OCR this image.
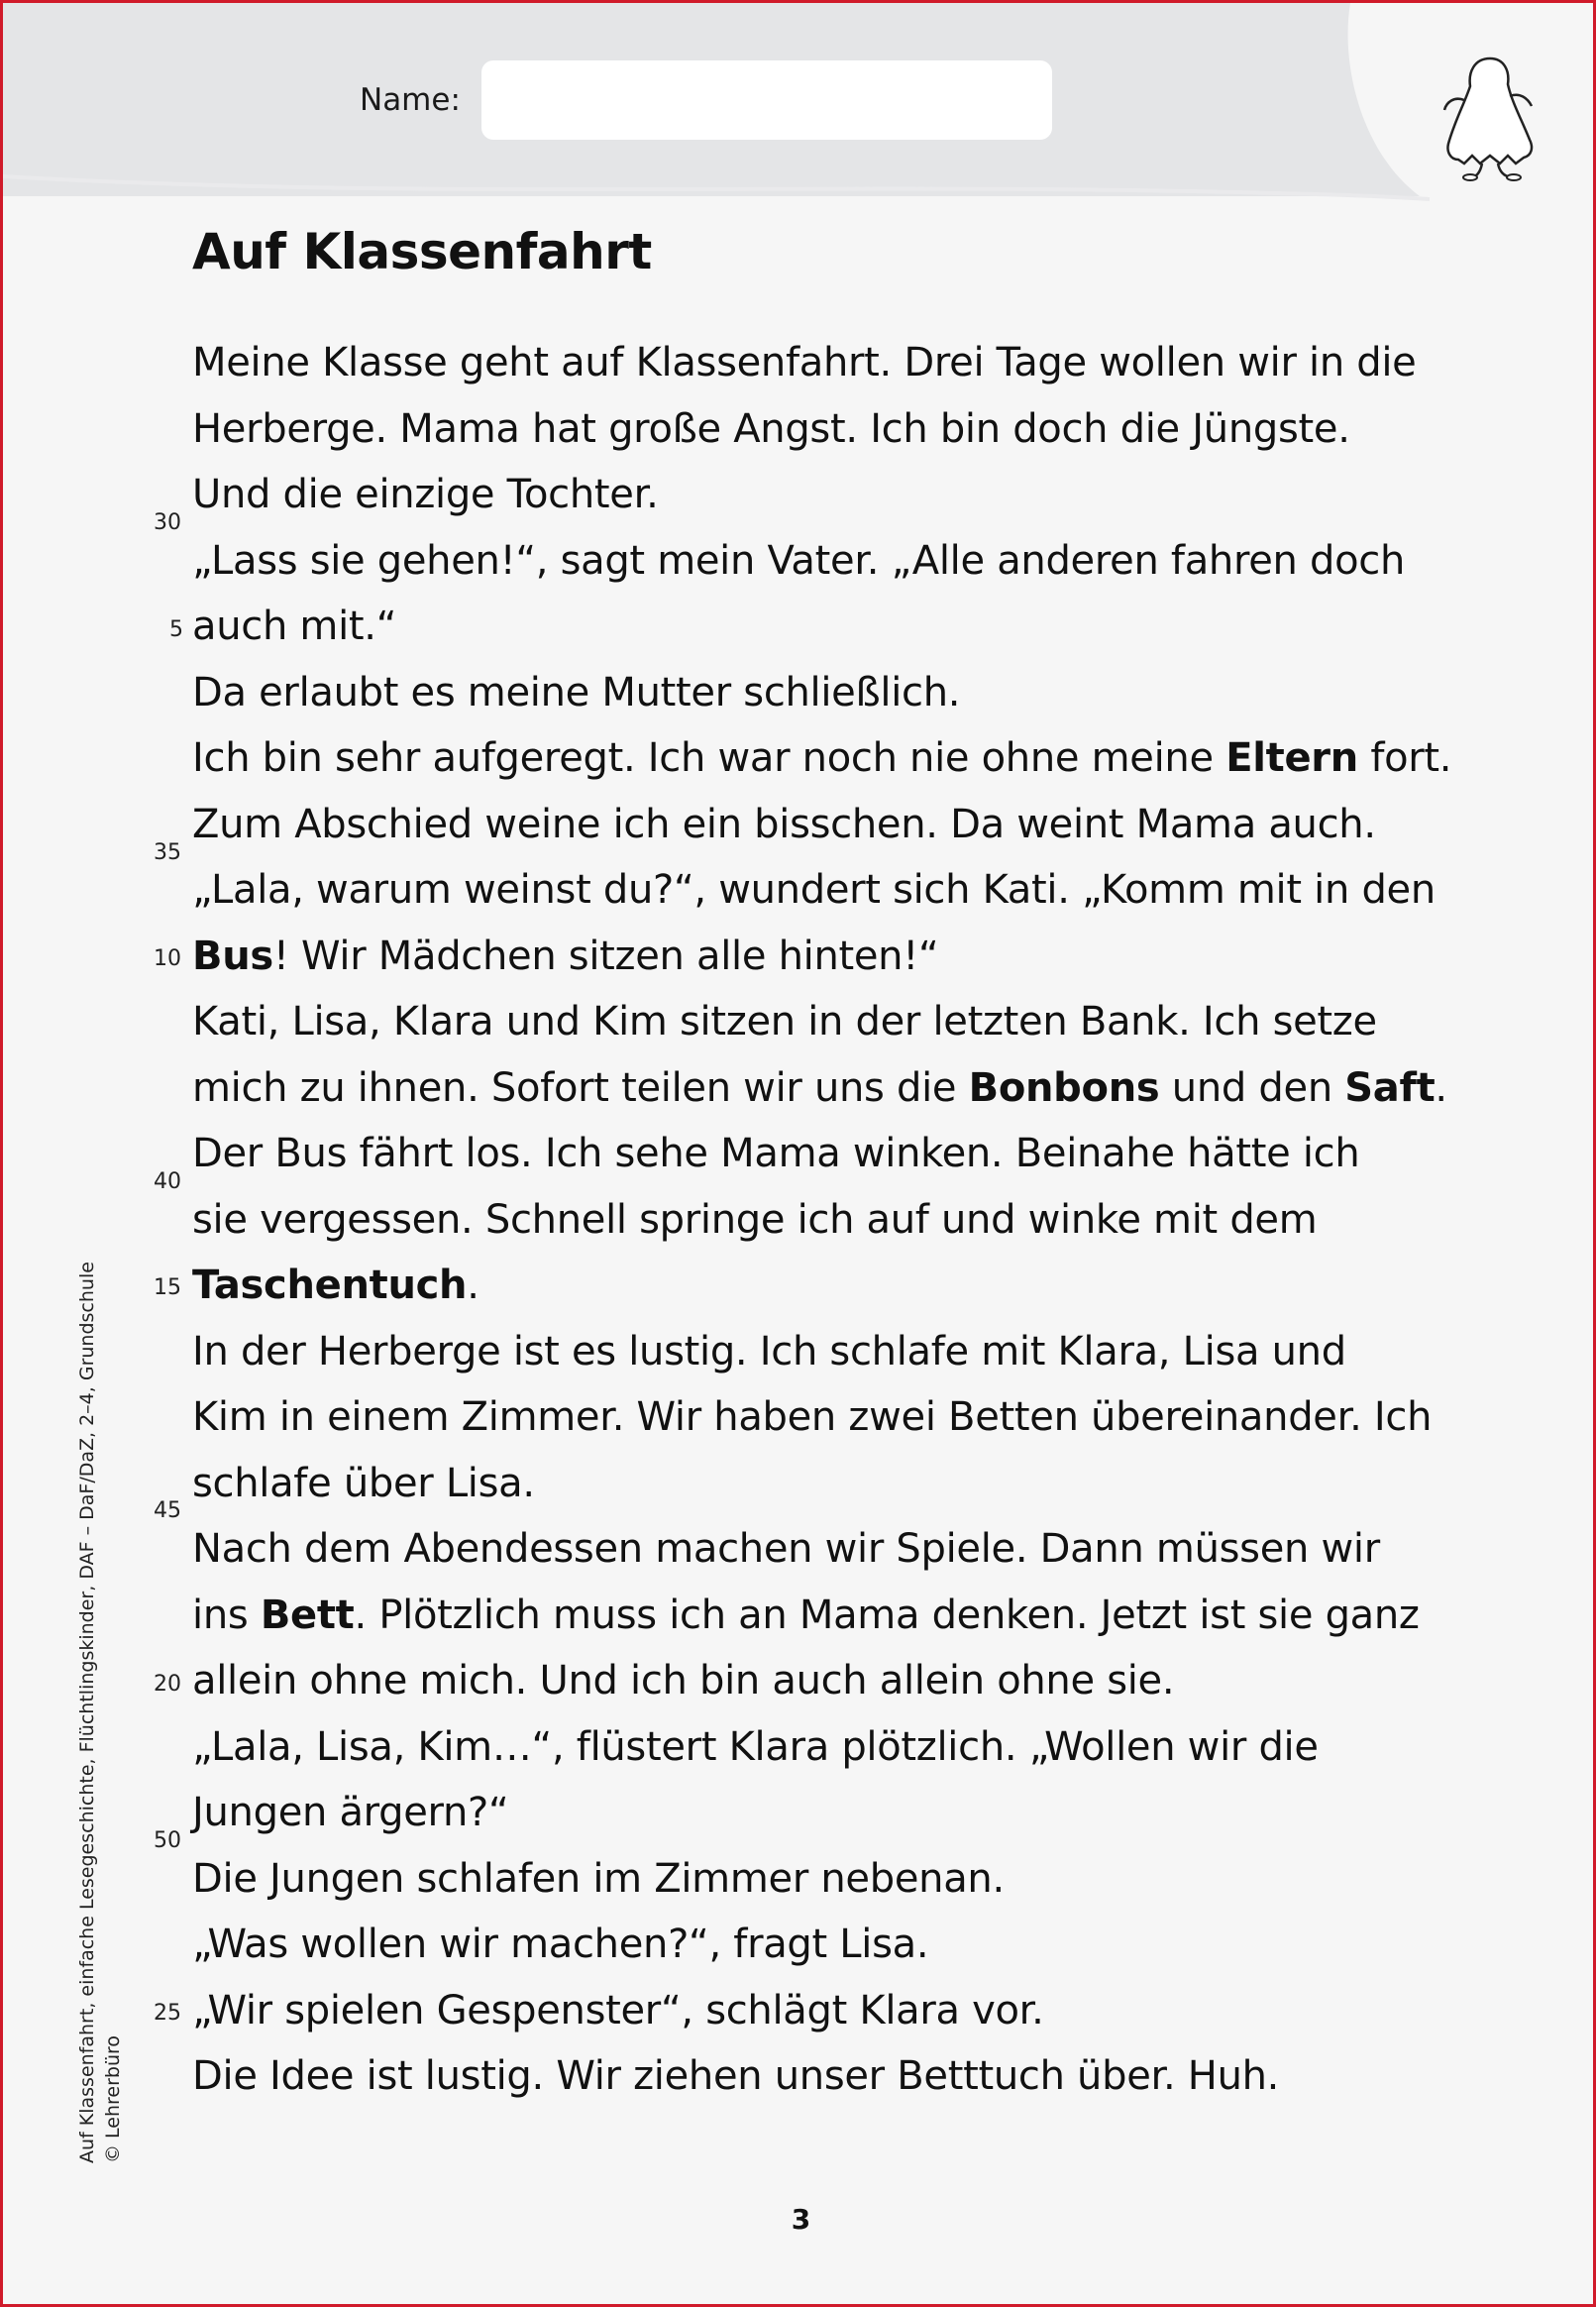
Name:
Auf Klassenfahrt
Meine Klasse geht auf Klassenfahrt. Drei Tage wollen wir in die
Herberge. Mama hat große Angst. Ich bin doch die Jüngste.
Und die einzige Tochter.
„Lass sie gehen!“, sagt mein Vater. „Alle anderen fahren doch
auch mit.“
Da erlaubt es meine Mutter schließlich.
Ich bin sehr aufgeregt. Ich war noch nie ohne meine Eltern fort.
Zum Abschied weine ich ein bisschen. Da weint Mama auch.
„Lala, warum weinst du?“, wundert sich Kati. „Komm mit in den
Bus! Wir Mädchen sitzen alle hinten!“
Kati, Lisa, Klara und Kim sitzen in der letzten Bank. Ich setze
mich zu ihnen. Sofort teilen wir uns die Bonbons und den Saft.
Der Bus fährt los. Ich sehe Mama winken. Beinahe hätte ich
sie vergessen. Schnell springe ich auf und winke mit dem
Taschentuch.
In der Herberge ist es lustig. Ich schlafe mit Klara, Lisa und
Kim in einem Zimmer. Wir haben zwei Betten übereinander. Ich
schlafe über Lisa.
Nach dem Abendessen machen wir Spiele. Dann müssen wir
ins Bett. Plötzlich muss ich an Mama denken. Jetzt ist sie ganz
allein ohne mich. Und ich bin auch allein ohne sie.
„Lala, Lisa, Kim…“, flüstert Klara plötzlich. „Wollen wir die
Jungen ärgern?“
Die Jungen schlafen im Zimmer nebenan.
„Was wollen wir machen?“, fragt Lisa.
„Wir spielen Gespenster“, schlägt Klara vor.
Die Idee ist lustig. Wir ziehen unser Betttuch über. Huh.
30
5
35
10
40
15
45
20
50
25
Auf Klassenfahrt, einfache Lesegeschichte, Flüchtlingskinder, DAF – DaF/DaZ, 2–4, Grundschule © Lehrerbüro
3
